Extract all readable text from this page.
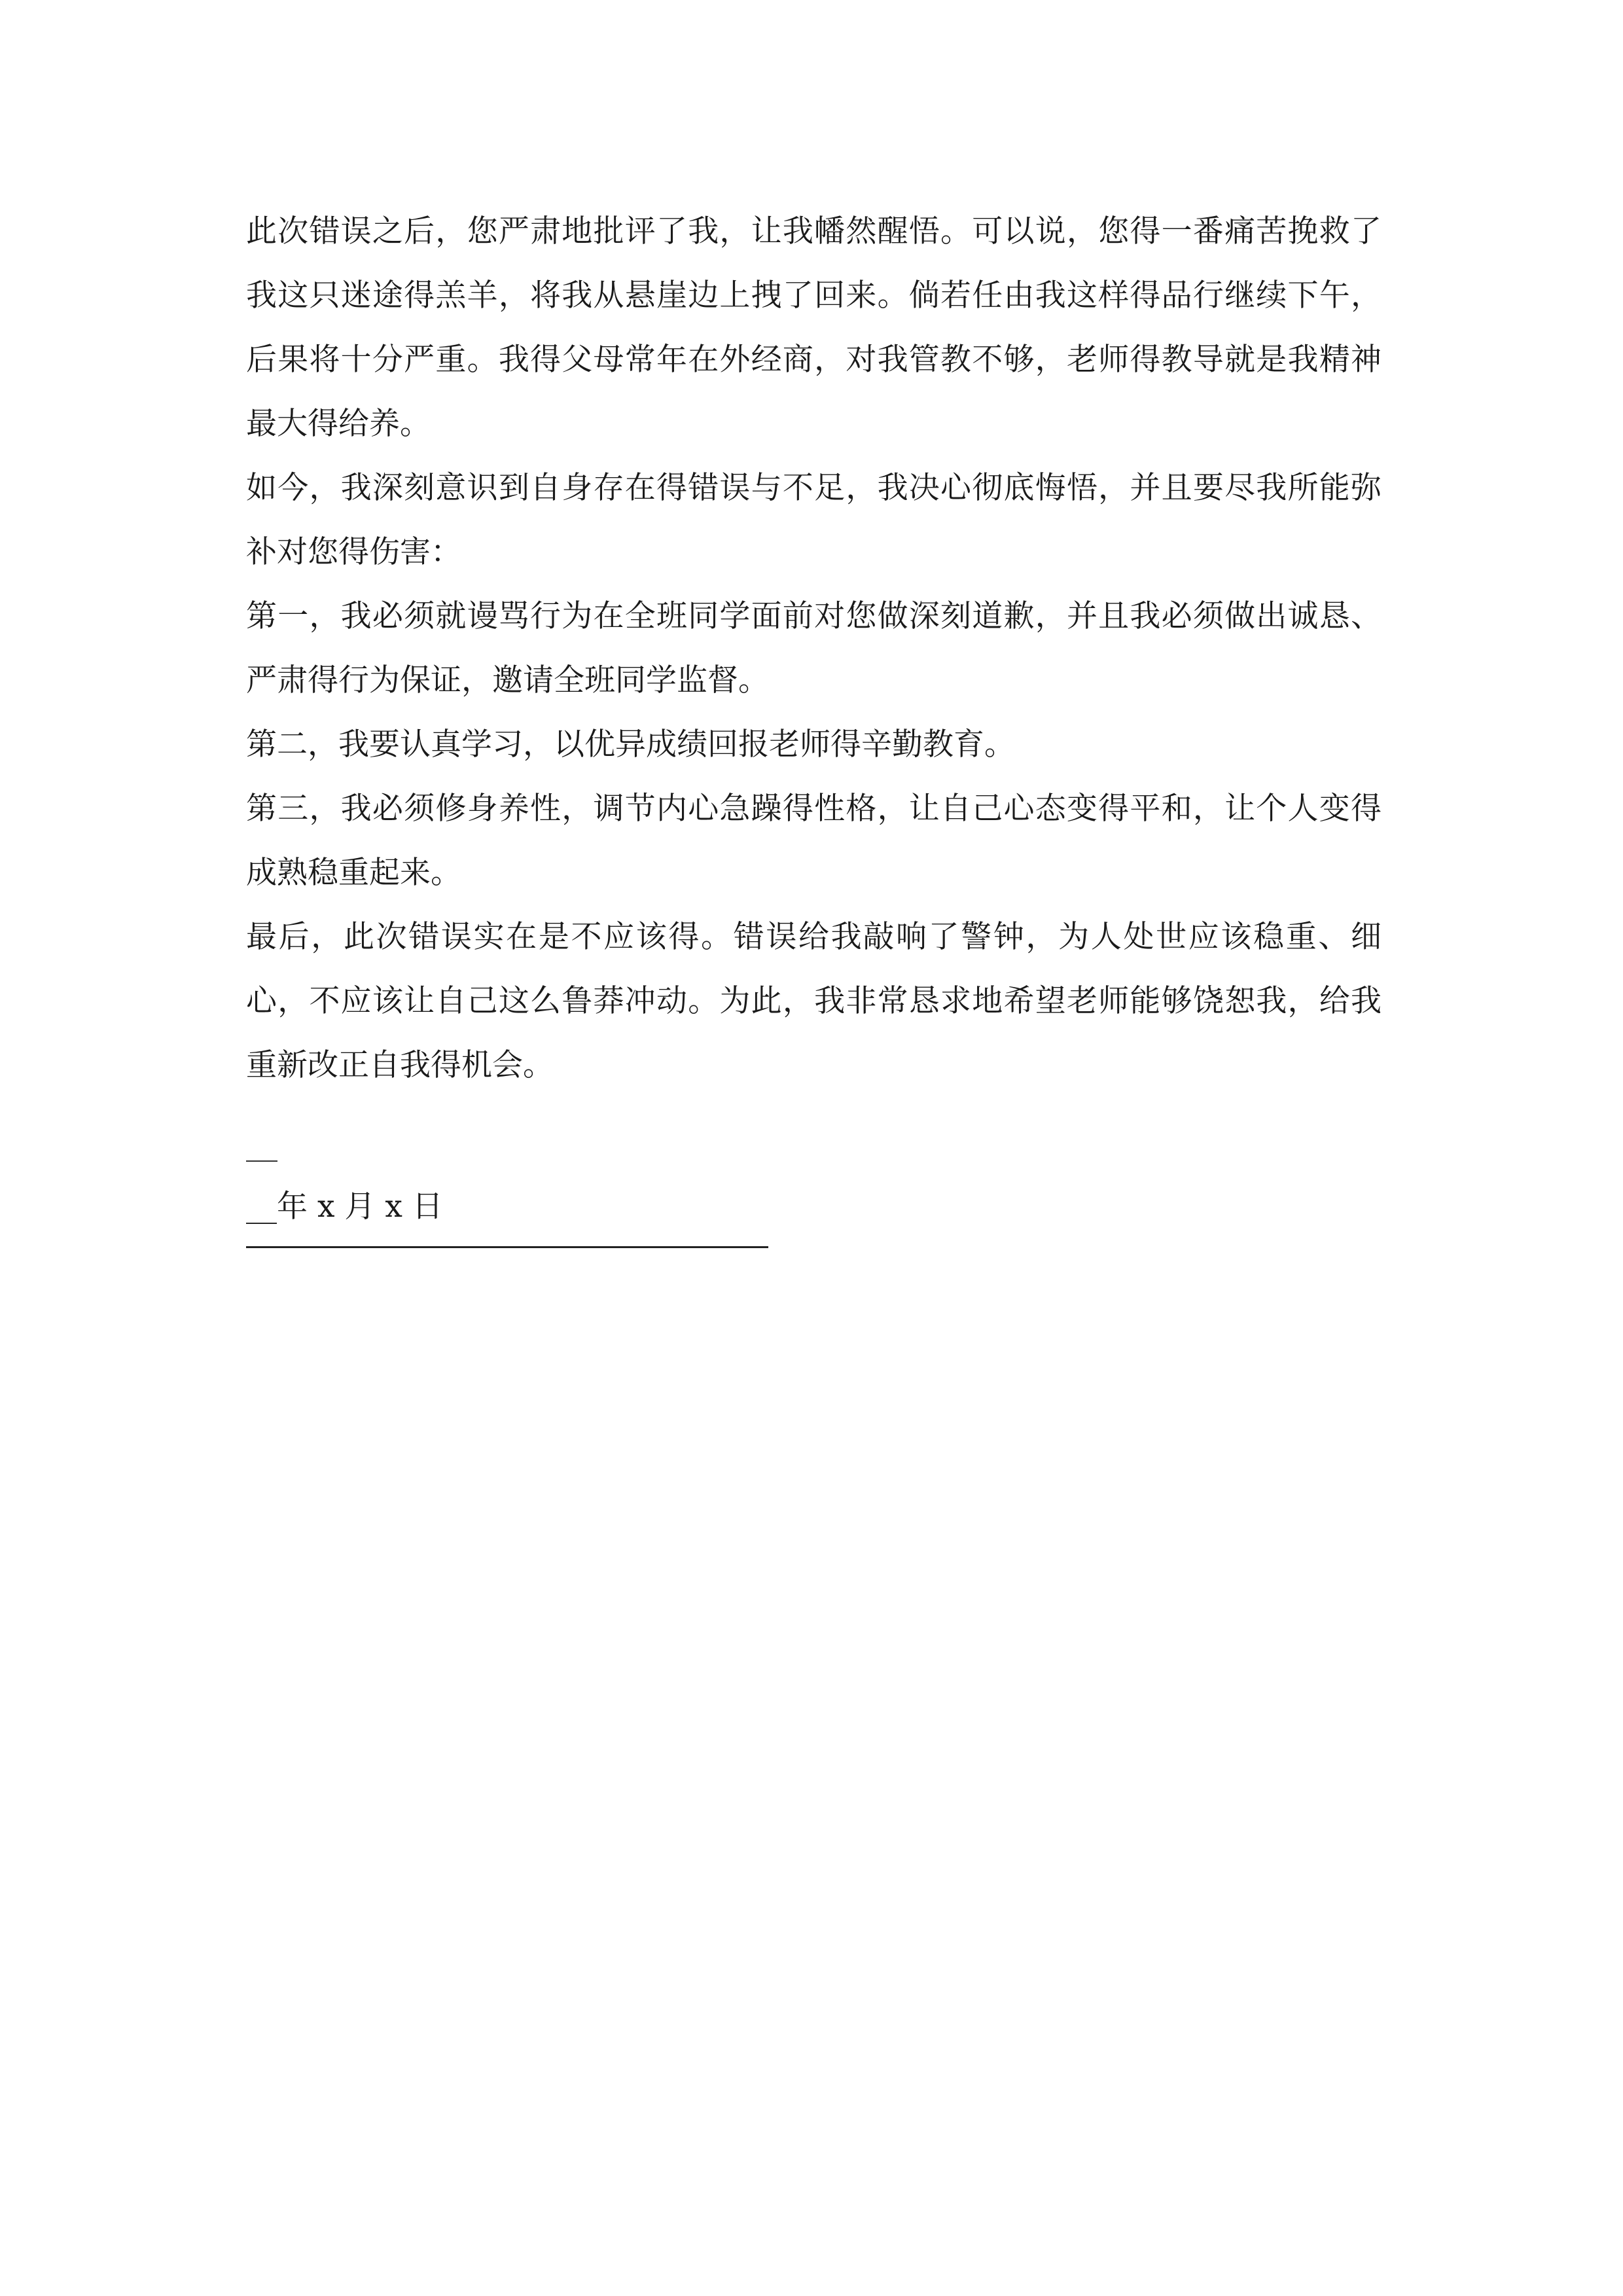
此次错误之后，您严肃地批评了我，让我幡然醒悟。可以说，您得一番痛苦挽救了我这只迷途得羔羊，将我从悬崖边上拽了回来。倘若任由我这样得品行继续下午，后果将十分严重。我得父母常年在外经商，对我管教不够，老师得教导就是我精神最大得给养。

如今，我深刻意识到自身存在得错误与不足，我决心彻底悔悟，并且要尽我所能弥补对您得伤害：

第一，我必须就谩骂行为在全班同学面前对您做深刻道歉，并且我必须做出诚恳、严肃得行为保证，邀请全班同学监督。

第二，我要认真学习，以优异成绩回报老师得辛勤教育。

第三，我必须修身养性，调节内心急躁得性格，让自己心态变得平和，让个人变得成熟稳重起来。

最后，此次错误实在是不应该得。错误给我敲响了警钟，为人处世应该稳重、细心，不应该让自己这么鲁莽冲动。为此，我非常恳求地希望老师能够饶恕我，给我重新改正自我得机会。

__年 x 月 x 日
